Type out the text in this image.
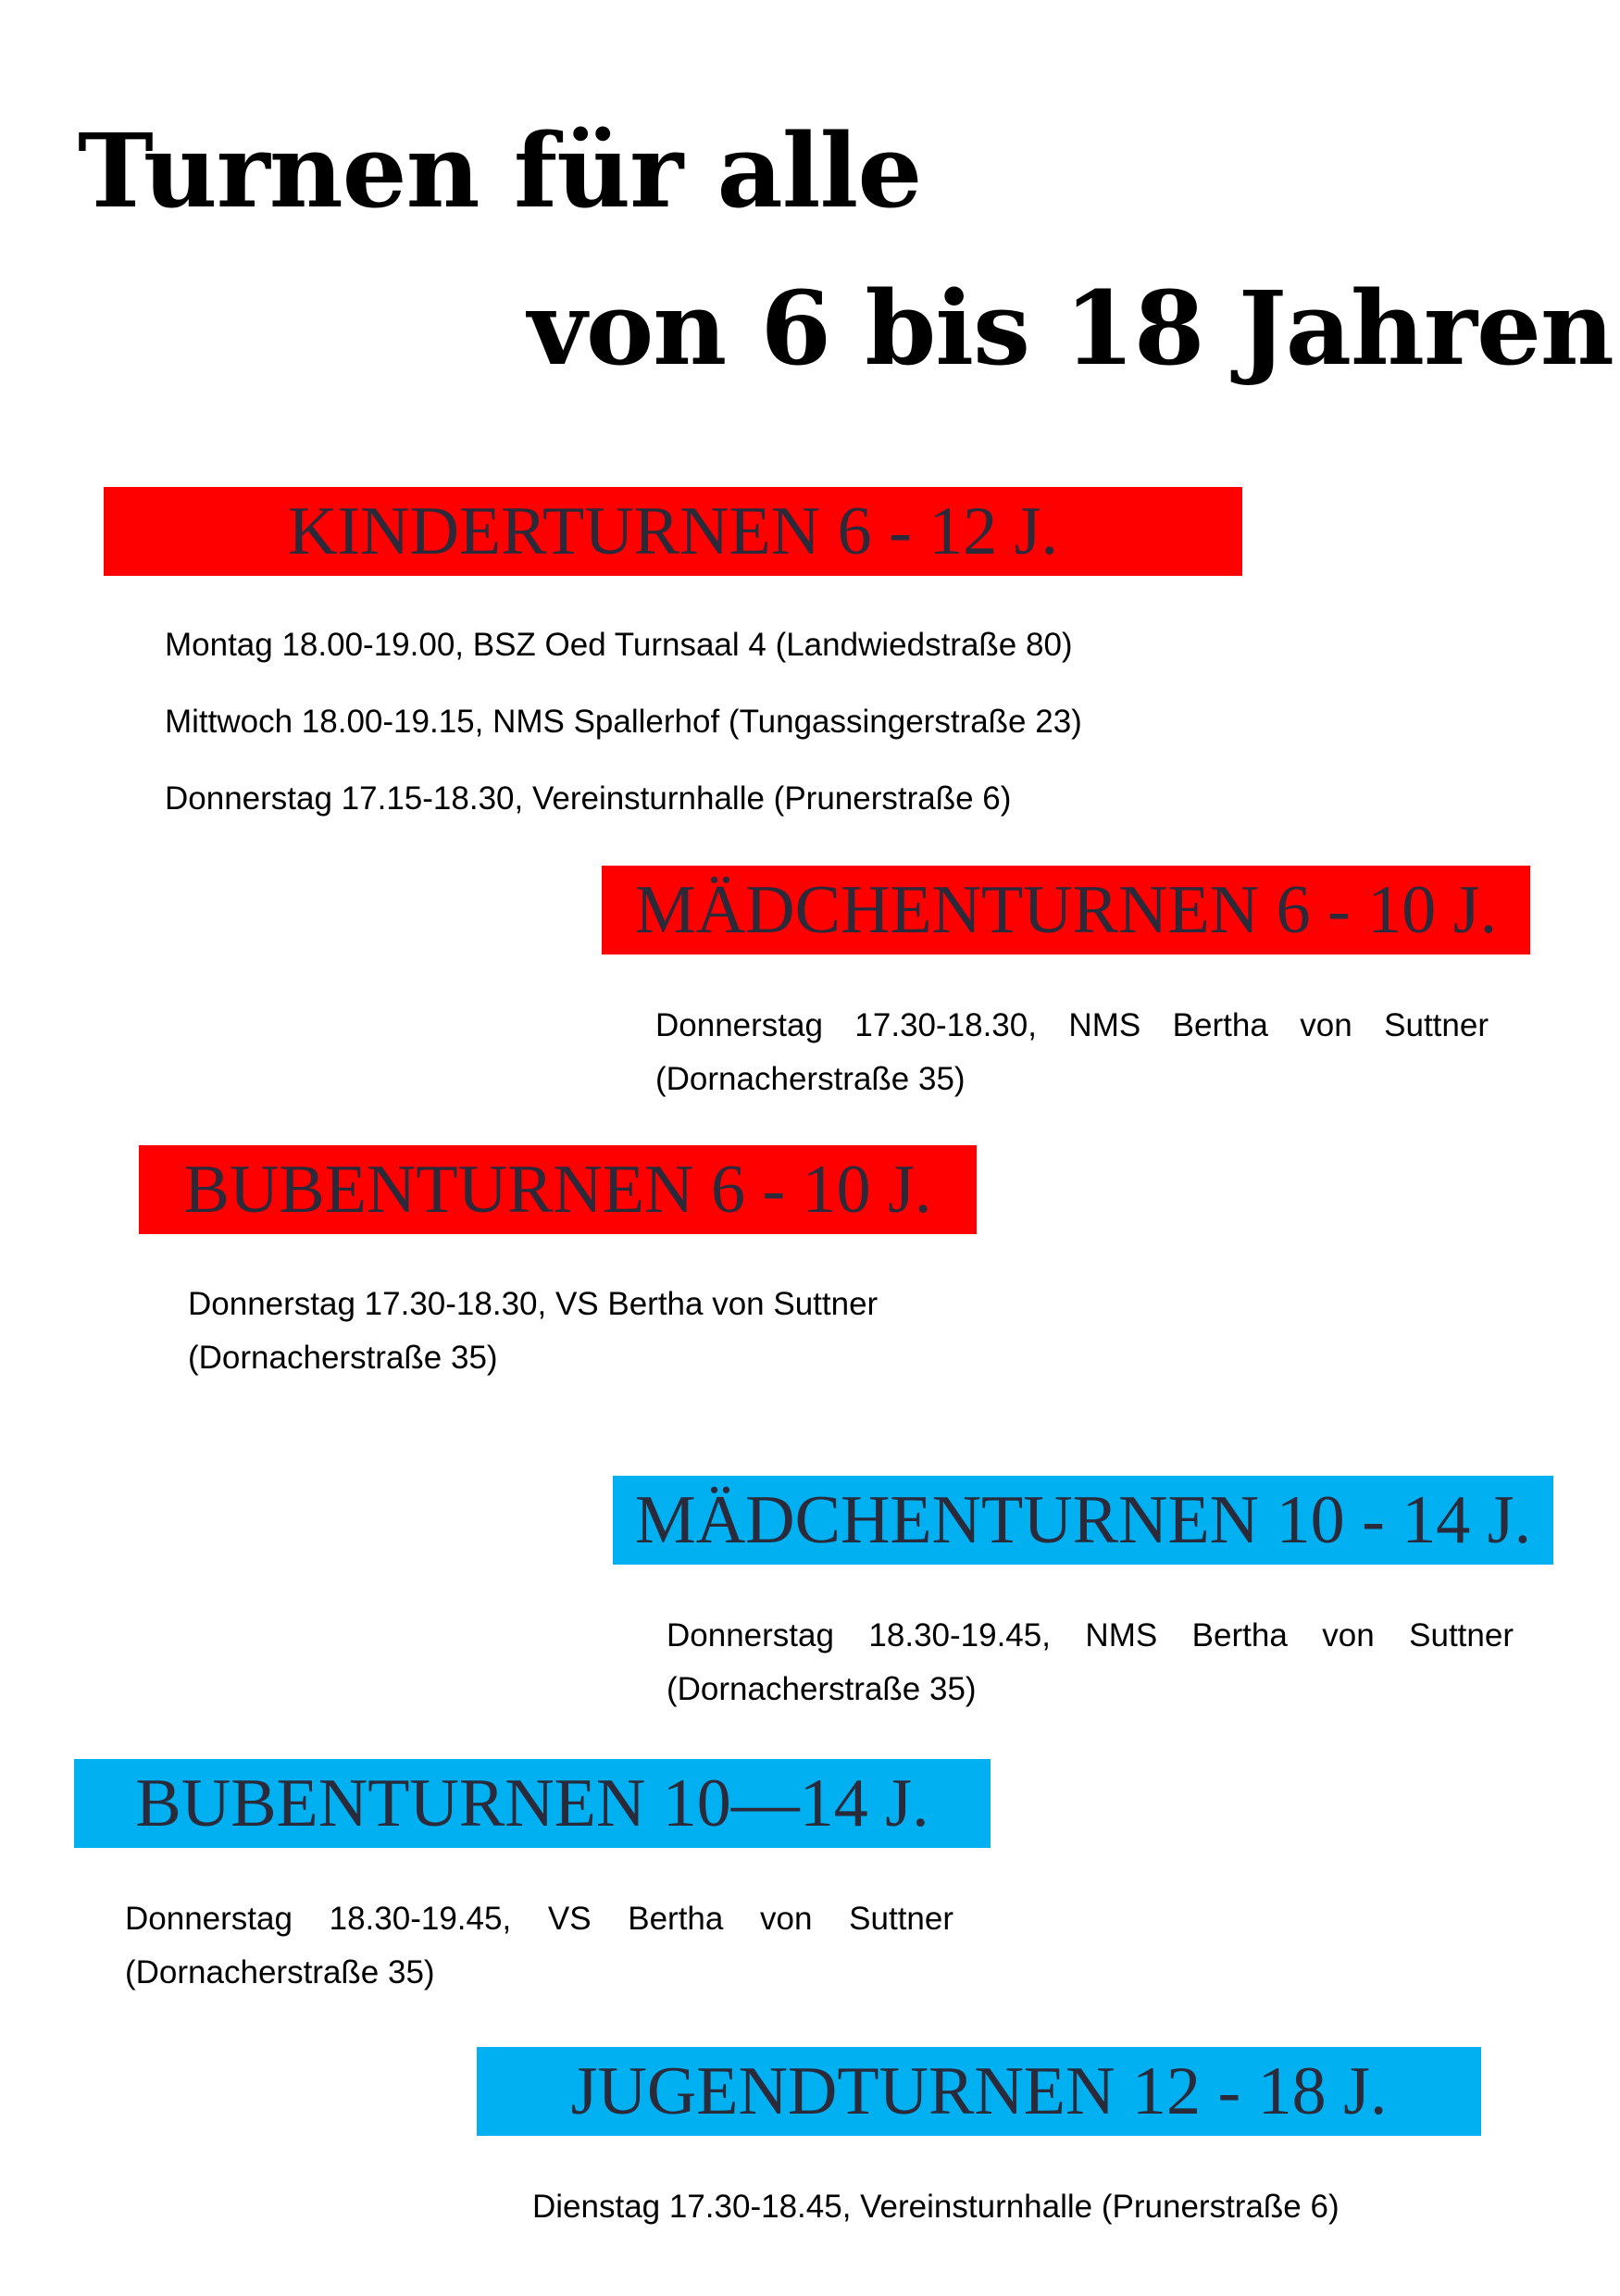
Turnen für alle
von 6 bis 18 Jahren
KINDERTURNEN 6 - 12 J.

Montag 18.00-19.00, BSZ Oed Turnsaal 4 (Landwiedstraße 80)

Mittwoch 18.00-19.15, NMS Spallerhof (Tungassingerstraße 23)

Donnerstag 17.15-18.30, Vereinsturnhalle (Prunerstraße 6)

MÄDCHENTURNEN 6 - 10 J.
Donnerstag 17.30-18.30, NMS Bertha von Suttner (Dornacherstraße 35)
BUBENTURNEN 6 - 10 J.
Donnerstag 17.30-18.30, VS Bertha von Suttner (Dornacherstraße 35)
MÄDCHENTURNEN 10 - 14 J.
Donnerstag 18.30-19.45, NMS Bertha von Suttner (Dornacherstraße 35)
BUBENTURNEN 10—14 J.
Donnerstag 18.30-19.45, VS Bertha von Suttner (Dornacherstraße 35)
JUGENDTURNEN 12 - 18 J.
Dienstag 17.30-18.45, Vereinsturnhalle (Prunerstraße 6)
